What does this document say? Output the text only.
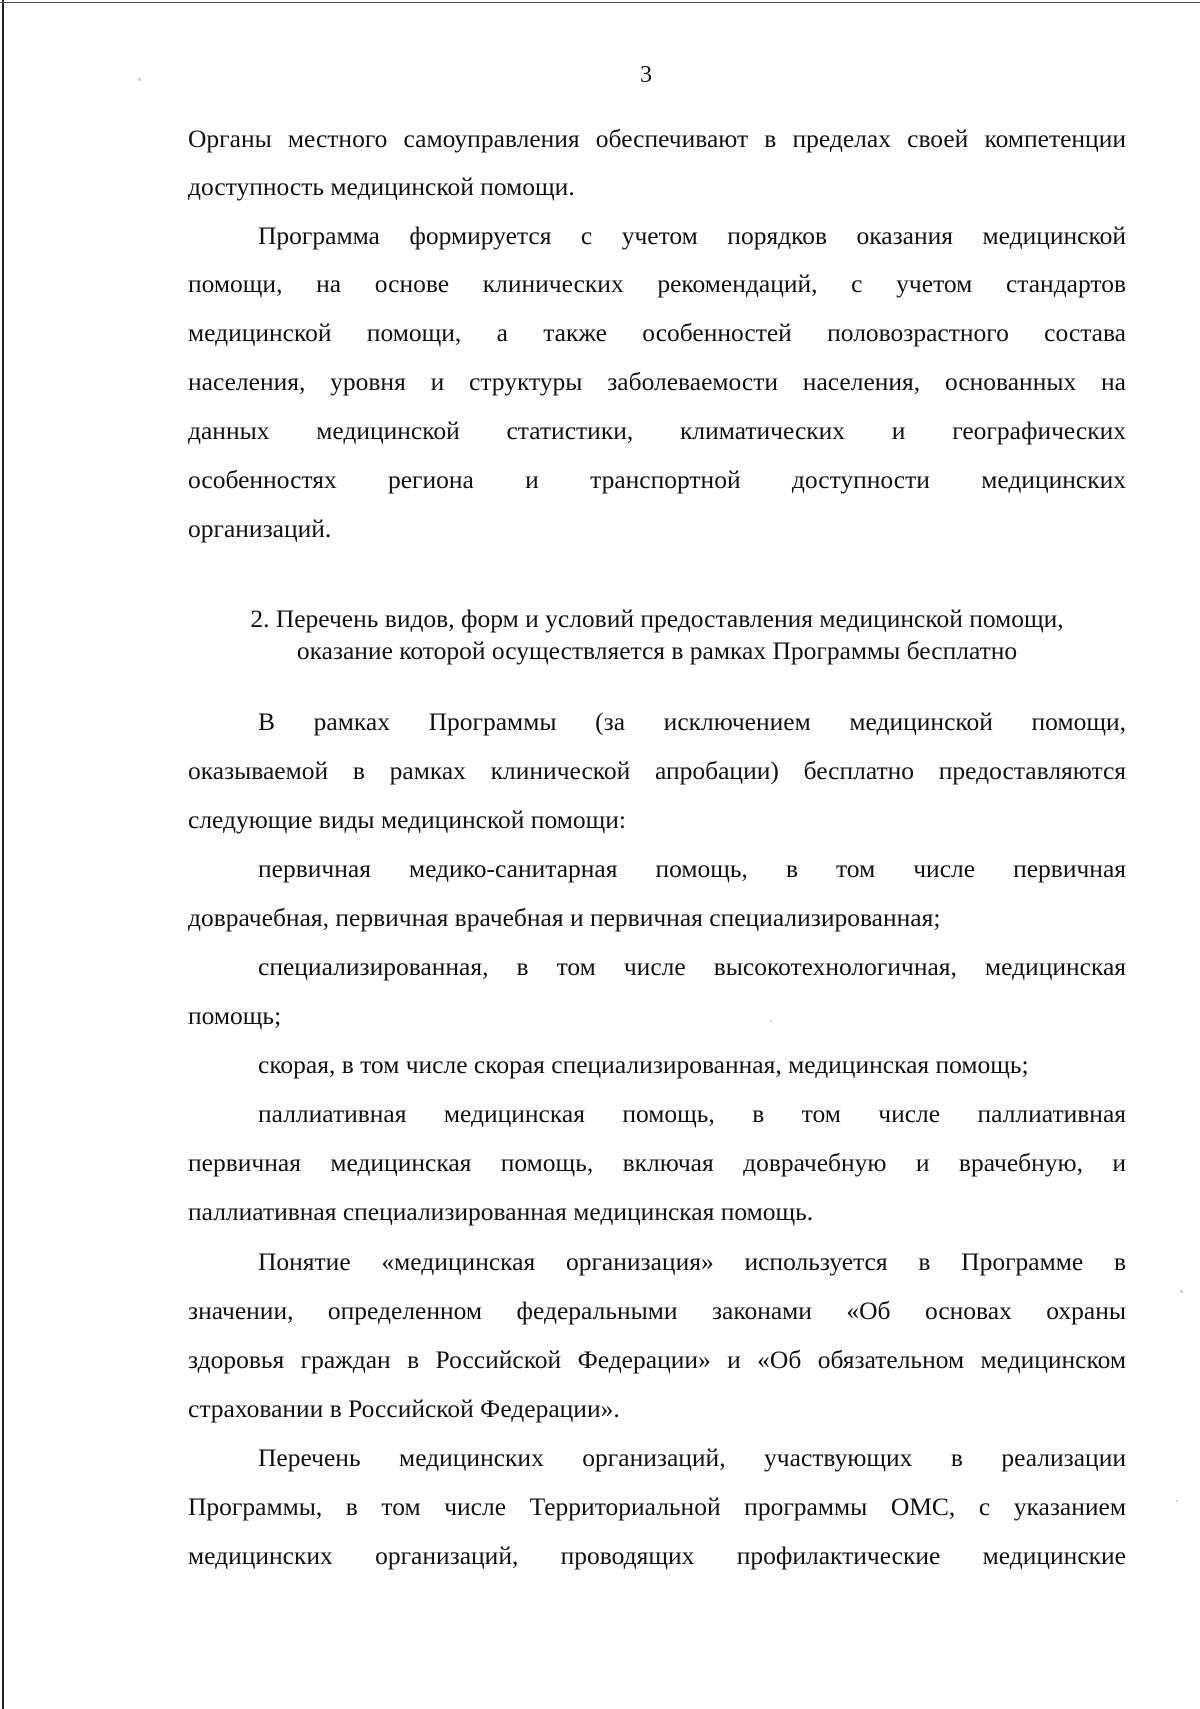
3
Органы местного самоуправления обеспечивают в пределах своей компетенции
доступность медицинской помощи.
Программа формируется с учетом порядков оказания медицинской
помощи, на основе клинических рекомендаций, с учетом стандартов
медицинской помощи, а также особенностей половозрастного состава
населения, уровня и структуры заболеваемости населения, основанных на
данных медицинской статистики, климатических и географических
особенностях региона и транспортной доступности медицинских
организаций.
2. Перечень видов, форм и условий предоставления медицинской помощи,
оказание которой осуществляется в рамках Программы бесплатно
В рамках Программы (за исключением медицинской помощи,
оказываемой в рамках клинической апробации) бесплатно предоставляются
следующие виды медицинской помощи:
первичная медико-санитарная помощь, в том числе первичная
доврачебная, первичная врачебная и первичная специализированная;
специализированная, в том числе высокотехнологичная, медицинская
помощь;
скорая, в том числе скорая специализированная, медицинская помощь;
паллиативная медицинская помощь, в том числе паллиативная
первичная медицинская помощь, включая доврачебную и врачебную, и
паллиативная специализированная медицинская помощь.
Понятие «медицинская организация» используется в Программе в
значении, определенном федеральными законами «Об основах охраны
здоровья граждан в Российской Федерации» и «Об обязательном медицинском
страховании в Российской Федерации».
Перечень медицинских организаций, участвующих в реализации
Программы, в том числе Территориальной программы ОМС, с указанием
медицинских организаций, проводящих профилактические медицинские
